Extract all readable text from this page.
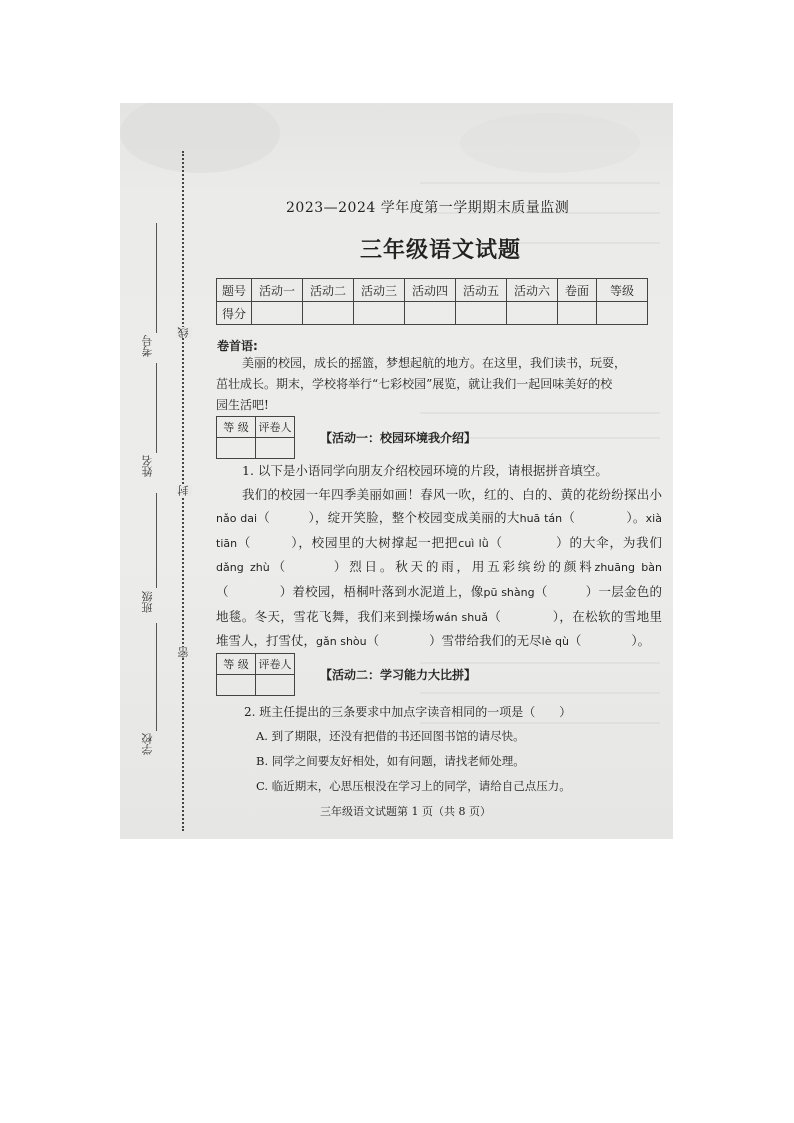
考号
姓名
班级
学校
线
封
密
2023—2024 学年度第一学期期末质量监测
三年级语文试题
题号	活动一	活动二	活动三	活动四	活动五	活动六	卷面	等级
得分								
卷首语:
美丽的校园，成长的摇篮，梦想起航的地方。在这里，我们读书，玩耍，
茁壮成长。期末，学校将举行“七彩校园”展览，就让我们一起回味美好的校
园生活吧!
等 级	评卷人

【活动一：校园环境我介绍】
1. 以下是小语同学向朋友介绍校园环境的片段，请根据拼音填空。
我们的校园一年四季美丽如画！春风一吹，红的、白的、黄的花纷纷探出小nǎo dai（　　　），绽开笑脸，整个校园变成美丽的大huā tán（　　　　）。xià tiān（　　　），校园里的大树撑起一把把cuì lǜ（　　　　）的大伞，为我们dǎng zhù（　　　）烈日。秋天的雨，用五彩缤纷的颜料zhuāng bàn（　　　　）着校园，梧桐叶落到水泥道上，像pū shàng（　　　）一层金色的地毯。冬天，雪花飞舞，我们来到操场wán shuǎ（　　　　），在松软的雪地里堆雪人，打雪仗，gǎn shòu（　　　　）雪带给我们的无尽lè qù（　　　　）。
等 级	评卷人

【活动二：学习能力大比拼】
2. 班主任提出的三条要求中加点字读音相同的一项是（　　）
A. 到了期限，还没有把借的书还回图书馆的请尽快。
B. 同学之间要友好相处，如有问题，请找老师处理。
C. 临近期末，心思压根没在学习上的同学，请给自己点压力。
三年级语文试题第 1 页（共 8 页）
